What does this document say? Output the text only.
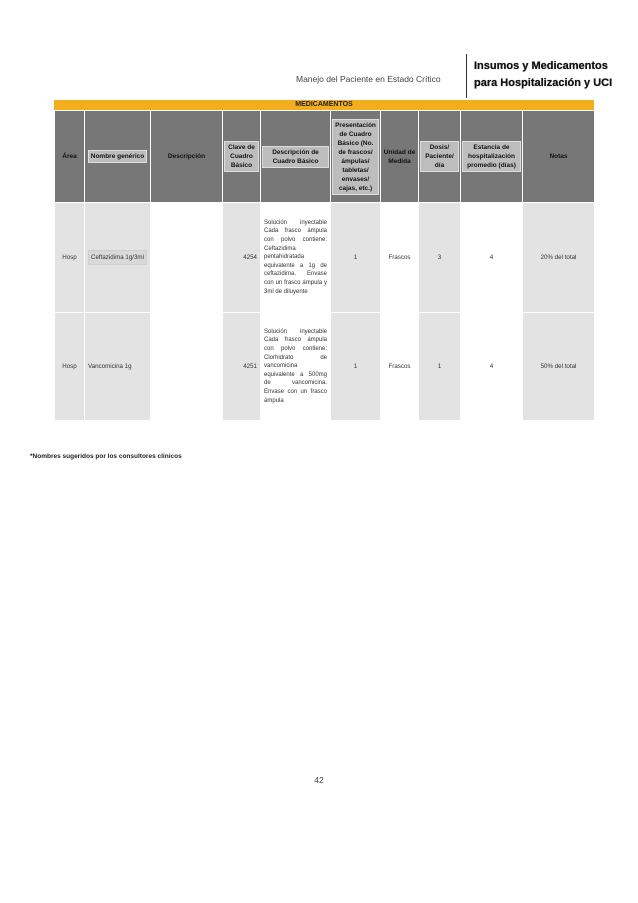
Manejo del Paciente en Estado Crítico
Insumos y Medicamentos
para Hospitalización y UCI
MEDICAMENTOS
Área	Nombre genérico	Descripción	Clave de Cuadro Básico	Descripción de Cuadro Básico	Presentación de Cuadro Básico (No. de frascos/ ámpulas/ tabletas/ envases/ cajas, etc.)	Unidad de Medida	Dosis/ Paciente/ día	Estancia de hospitalización promedio (días)	Notas
Hosp	Ceftazidima 1g/3ml		4254	Solución inyectable Cada frasco ámpula con polvo contiene: Ceftazidima pentahidratada equivalente a 1g de ceftazidima. Envase con un frasco ámpula y 3ml de diluyente	1	Frascos	3	4	20% del total
Hosp	Vancomicina 1g		4251	Solución inyectable Cada frasco ámpula con polvo contiene: Clorhidrato de vancomicina equivalente a 500mg de vancomicina. Envase con un frasco ámpula	1	Frascos	1	4	50% del total
*Nombres sugeridos por los consultores clínicos
42
